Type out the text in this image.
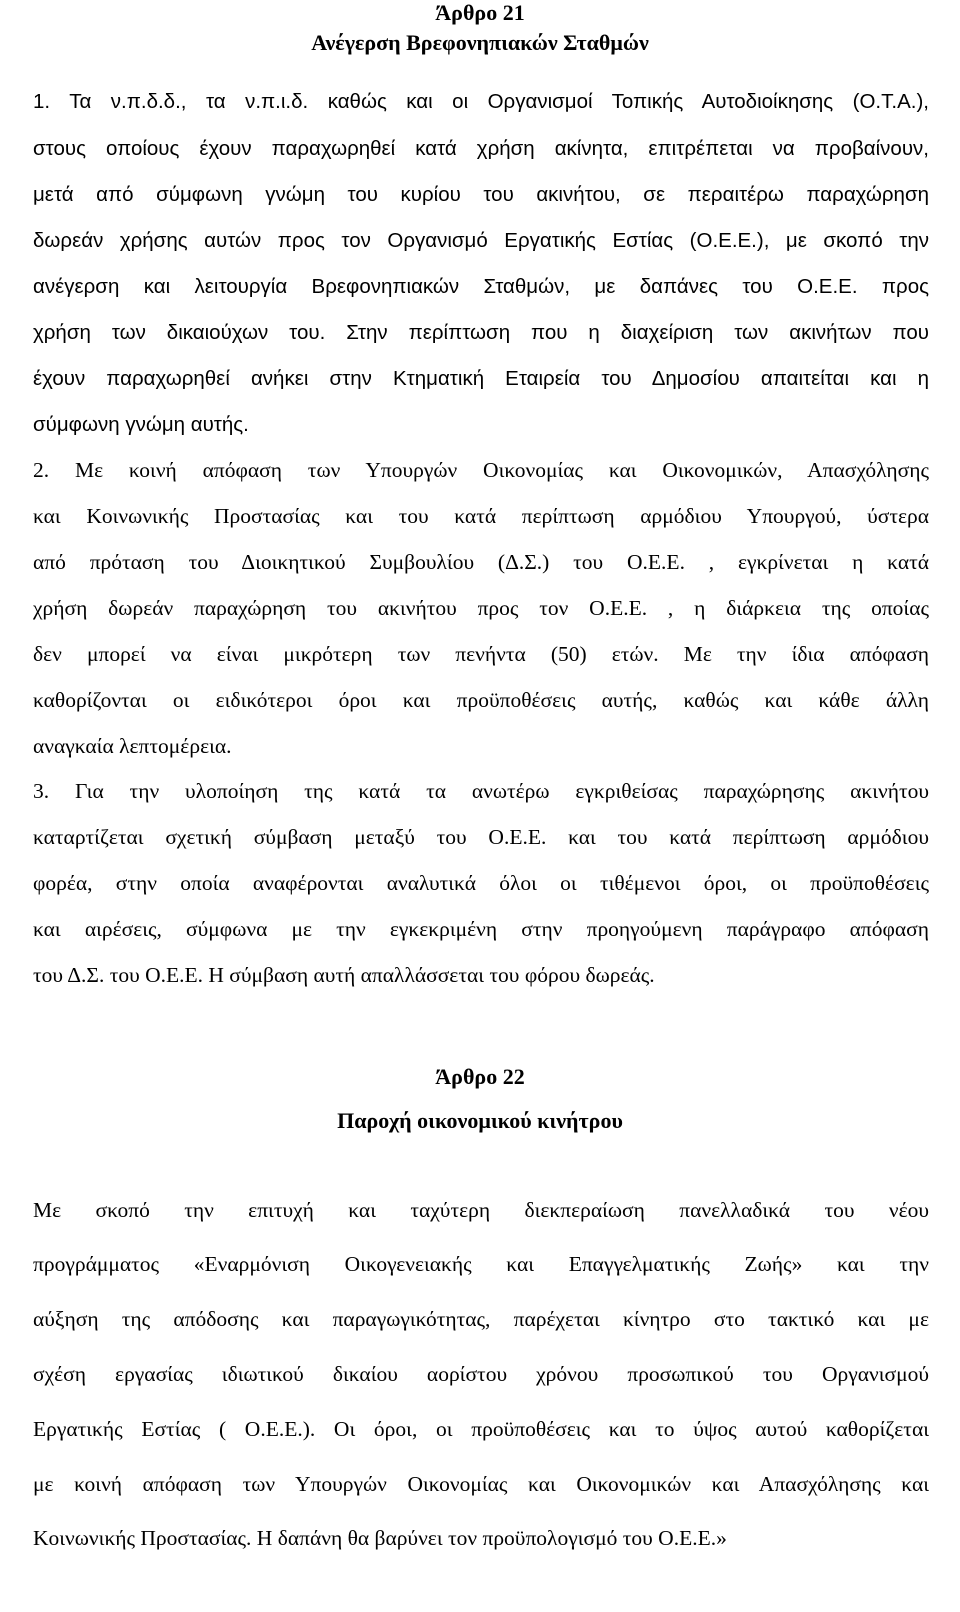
Άρθρο 21
Ανέγερση Βρεφονηπιακών Σταθμών
1. Τα ν.π.δ.δ., τα ν.π.ι.δ. καθώς και οι Οργανισμοί Τοπικής Αυτοδιοίκησης (Ο.Τ.Α.),
στους οποίους έχουν παραχωρηθεί κατά χρήση ακίνητα, επιτρέπεται να προβαίνουν,
μετά από σύμφωνη γνώμη του κυρίου του ακινήτου, σε περαιτέρω παραχώρηση
δωρεάν χρήσης αυτών προς τον Οργανισμό Εργατικής Εστίας (Ο.Ε.Ε.), με σκοπό την
ανέγερση και λειτουργία Βρεφονηπιακών Σταθμών, με δαπάνες του Ο.Ε.Ε. προς
χρήση των δικαιούχων του. Στην περίπτωση που η διαχείριση των ακινήτων που
έχουν παραχωρηθεί ανήκει στην Κτηματική Εταιρεία του Δημοσίου απαιτείται και η
σύμφωνη γνώμη αυτής.
2. Με κοινή απόφαση των Υπουργών Οικονομίας και Οικονομικών, Απασχόλησης
και Κοινωνικής Προστασίας και του κατά περίπτωση αρμόδιου Υπουργού, ύστερα
από πρόταση του Διοικητικού Συμβουλίου (Δ.Σ.) του Ο.Ε.Ε. , εγκρίνεται η κατά
χρήση δωρεάν παραχώρηση του ακινήτου προς τον Ο.Ε.Ε. , η διάρκεια της οποίας
δεν μπορεί να είναι μικρότερη των πενήντα (50) ετών. Με την ίδια απόφαση
καθορίζονται οι ειδικότεροι όροι και προϋποθέσεις αυτής, καθώς και κάθε άλλη
αναγκαία λεπτομέρεια.
3. Για την υλοποίηση της κατά τα ανωτέρω εγκριθείσας παραχώρησης ακινήτου
καταρτίζεται σχετική σύμβαση μεταξύ του Ο.Ε.Ε. και του κατά περίπτωση αρμόδιου
φορέα, στην οποία αναφέρονται αναλυτικά όλοι οι τιθέμενοι όροι, οι προϋποθέσεις
και αιρέσεις, σύμφωνα με την εγκεκριμένη στην προηγούμενη παράγραφο απόφαση
του Δ.Σ. του Ο.Ε.Ε. Η σύμβαση αυτή απαλλάσσεται του φόρου δωρεάς.
Άρθρο 22
Παροχή οικονομικού κινήτρου
Με σκοπό την επιτυχή και ταχύτερη διεκπεραίωση πανελλαδικά του νέου
προγράμματος «Εναρμόνιση Οικογενειακής και Επαγγελματικής Ζωής» και την
αύξηση της απόδοσης και παραγωγικότητας, παρέχεται κίνητρο στο τακτικό και με
σχέση εργασίας ιδιωτικού δικαίου αορίστου χρόνου προσωπικού του Οργανισμού
Εργατικής Εστίας ( Ο.Ε.Ε.). Οι όροι, οι προϋποθέσεις και το ύψος αυτού καθορίζεται
με κοινή απόφαση των Υπουργών Οικονομίας και Οικονομικών και Απασχόλησης και
Κοινωνικής Προστασίας. Η δαπάνη θα βαρύνει τον προϋπολογισμό του Ο.Ε.Ε.»
